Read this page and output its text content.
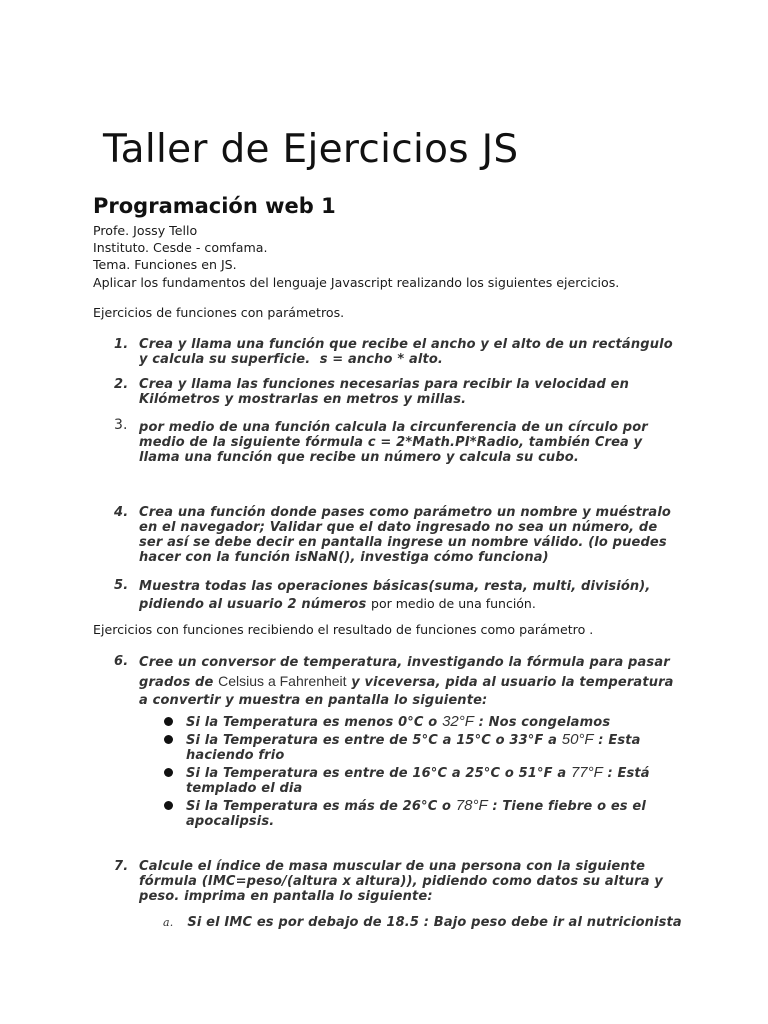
Taller de Ejercicios JS
Programación web 1
Profe. Jossy Tello
Instituto. Cesde - comfama.
Tema. Funciones en JS.
Aplicar los fundamentos del lenguaje Javascript realizando los siguientes ejercicios.
Ejercicios de funciones con parámetros.
1. Crea y llama una función que recibe el ancho y el alto de un rectángulo y calcula su superficie. s = ancho * alto.
2. Crea y llama las funciones necesarias para recibir la velocidad en Kilómetros y mostrarlas en metros y millas.
3. por medio de una función calcula la circunferencia de un círculo por medio de la siguiente fórmula c = 2*Math.PI*Radio, también Crea y llama una función que recibe un número y calcula su cubo.
4. Crea una función donde pases como parámetro un nombre y muéstralo en el navegador; Validar que el dato ingresado no sea un número, de ser así se debe decir en pantalla ingrese un nombre válido. (lo puedes hacer con la función isNaN(), investiga cómo funciona)
5. Muestra todas las operaciones básicas(suma, resta, multi, división), pidiendo al usuario 2 números por medio de una función.
Ejercicios con funciones recibiendo el resultado de funciones como parámetro .
6. Cree un conversor de temperatura, investigando la fórmula para pasar grados de Celsius a Fahrenheit y viceversa, pida al usuario la temperatura a convertir y muestra en pantalla lo siguiente:
Si la Temperatura es menos 0°C o 32°F : Nos congelamos
Si la Temperatura es entre de 5°C a 15°C o 33°F a 50°F : Esta haciendo frio
Si la Temperatura es entre de 16°C a 25°C o 51°F a 77°F : Está templado el dia
Si la Temperatura es más de 26°C o 78°F : Tiene fiebre o es el apocalipsis.
7. Calcule el índice de masa muscular de una persona con la siguiente fórmula (IMC=peso/(altura x altura)), pidiendo como datos su altura y peso. imprima en pantalla lo siguiente:
a. Si el IMC es por debajo de 18.5 : Bajo peso debe ir al nutricionista
